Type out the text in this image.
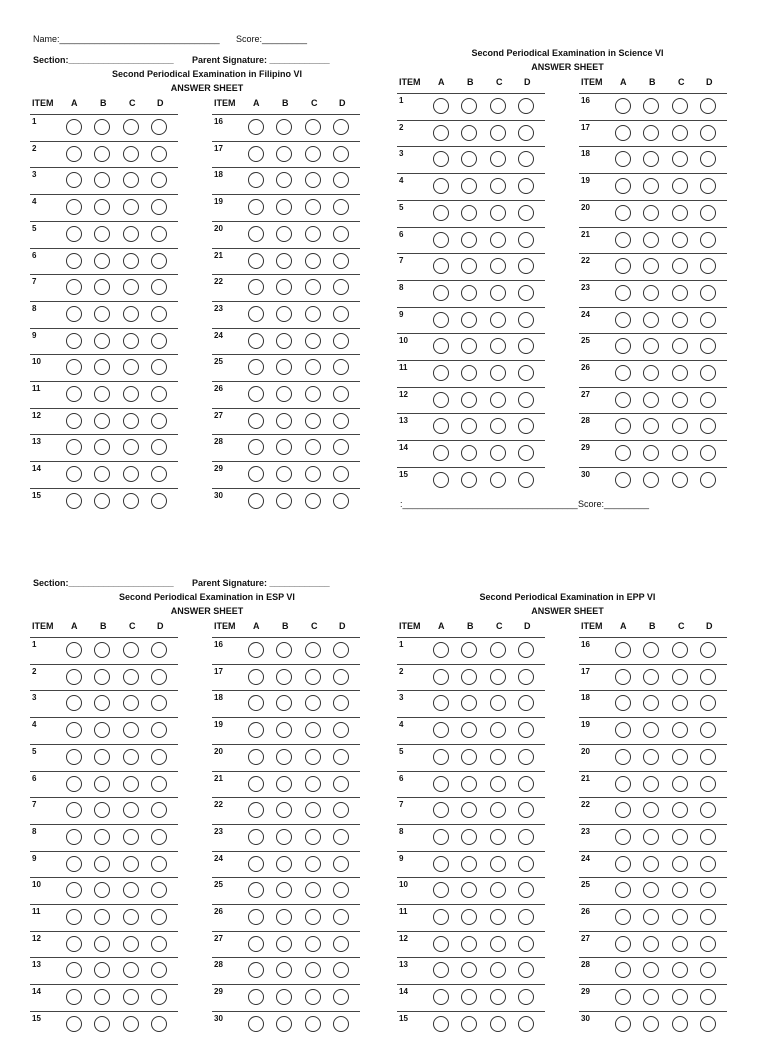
Name:________________________________ Score:_________
Section:_____________________ Parent Signature: ____________
Section:_____________________ Parent Signature: ____________
:___________________________________ Score:_________
Second Periodical Examination in Filipino VI
ANSWER SHEET
ITEM A	B	C D
1
2
3
4
5
6
7
8
9
10
11
12
13
14
15
ITEM A	B	C D
16
17
18
19
20
21
22
23
24
25
26
27
28
29
30
Second Periodical Examination in Science VI
ANSWER SHEET
ITEM A	B	C D
1
2
3
4
5
6
7
8
9
10
11
12
13
14
15
ITEM A	B	C D
16
17
18
19
20
21
22
23
24
25
26
27
28
29
30
Second Periodical Examination in ESP VI
ANSWER SHEET
ITEM A	B	C D
1
2
3
4
5
6
7
8
9
10
11
12
13
14
15
ITEM A	B	C D
16
17
18
19
20
21
22
23
24
25
26
27
28
29
30
Second Periodical Examination in EPP VI
ANSWER SHEET
ITEM A	B	C D
1
2
3
4
5
6
7
8
9
10
11
12
13
14
15
ITEM A	B	C D
16
17
18
19
20
21
22
23
24
25
26
27
28
29
30
